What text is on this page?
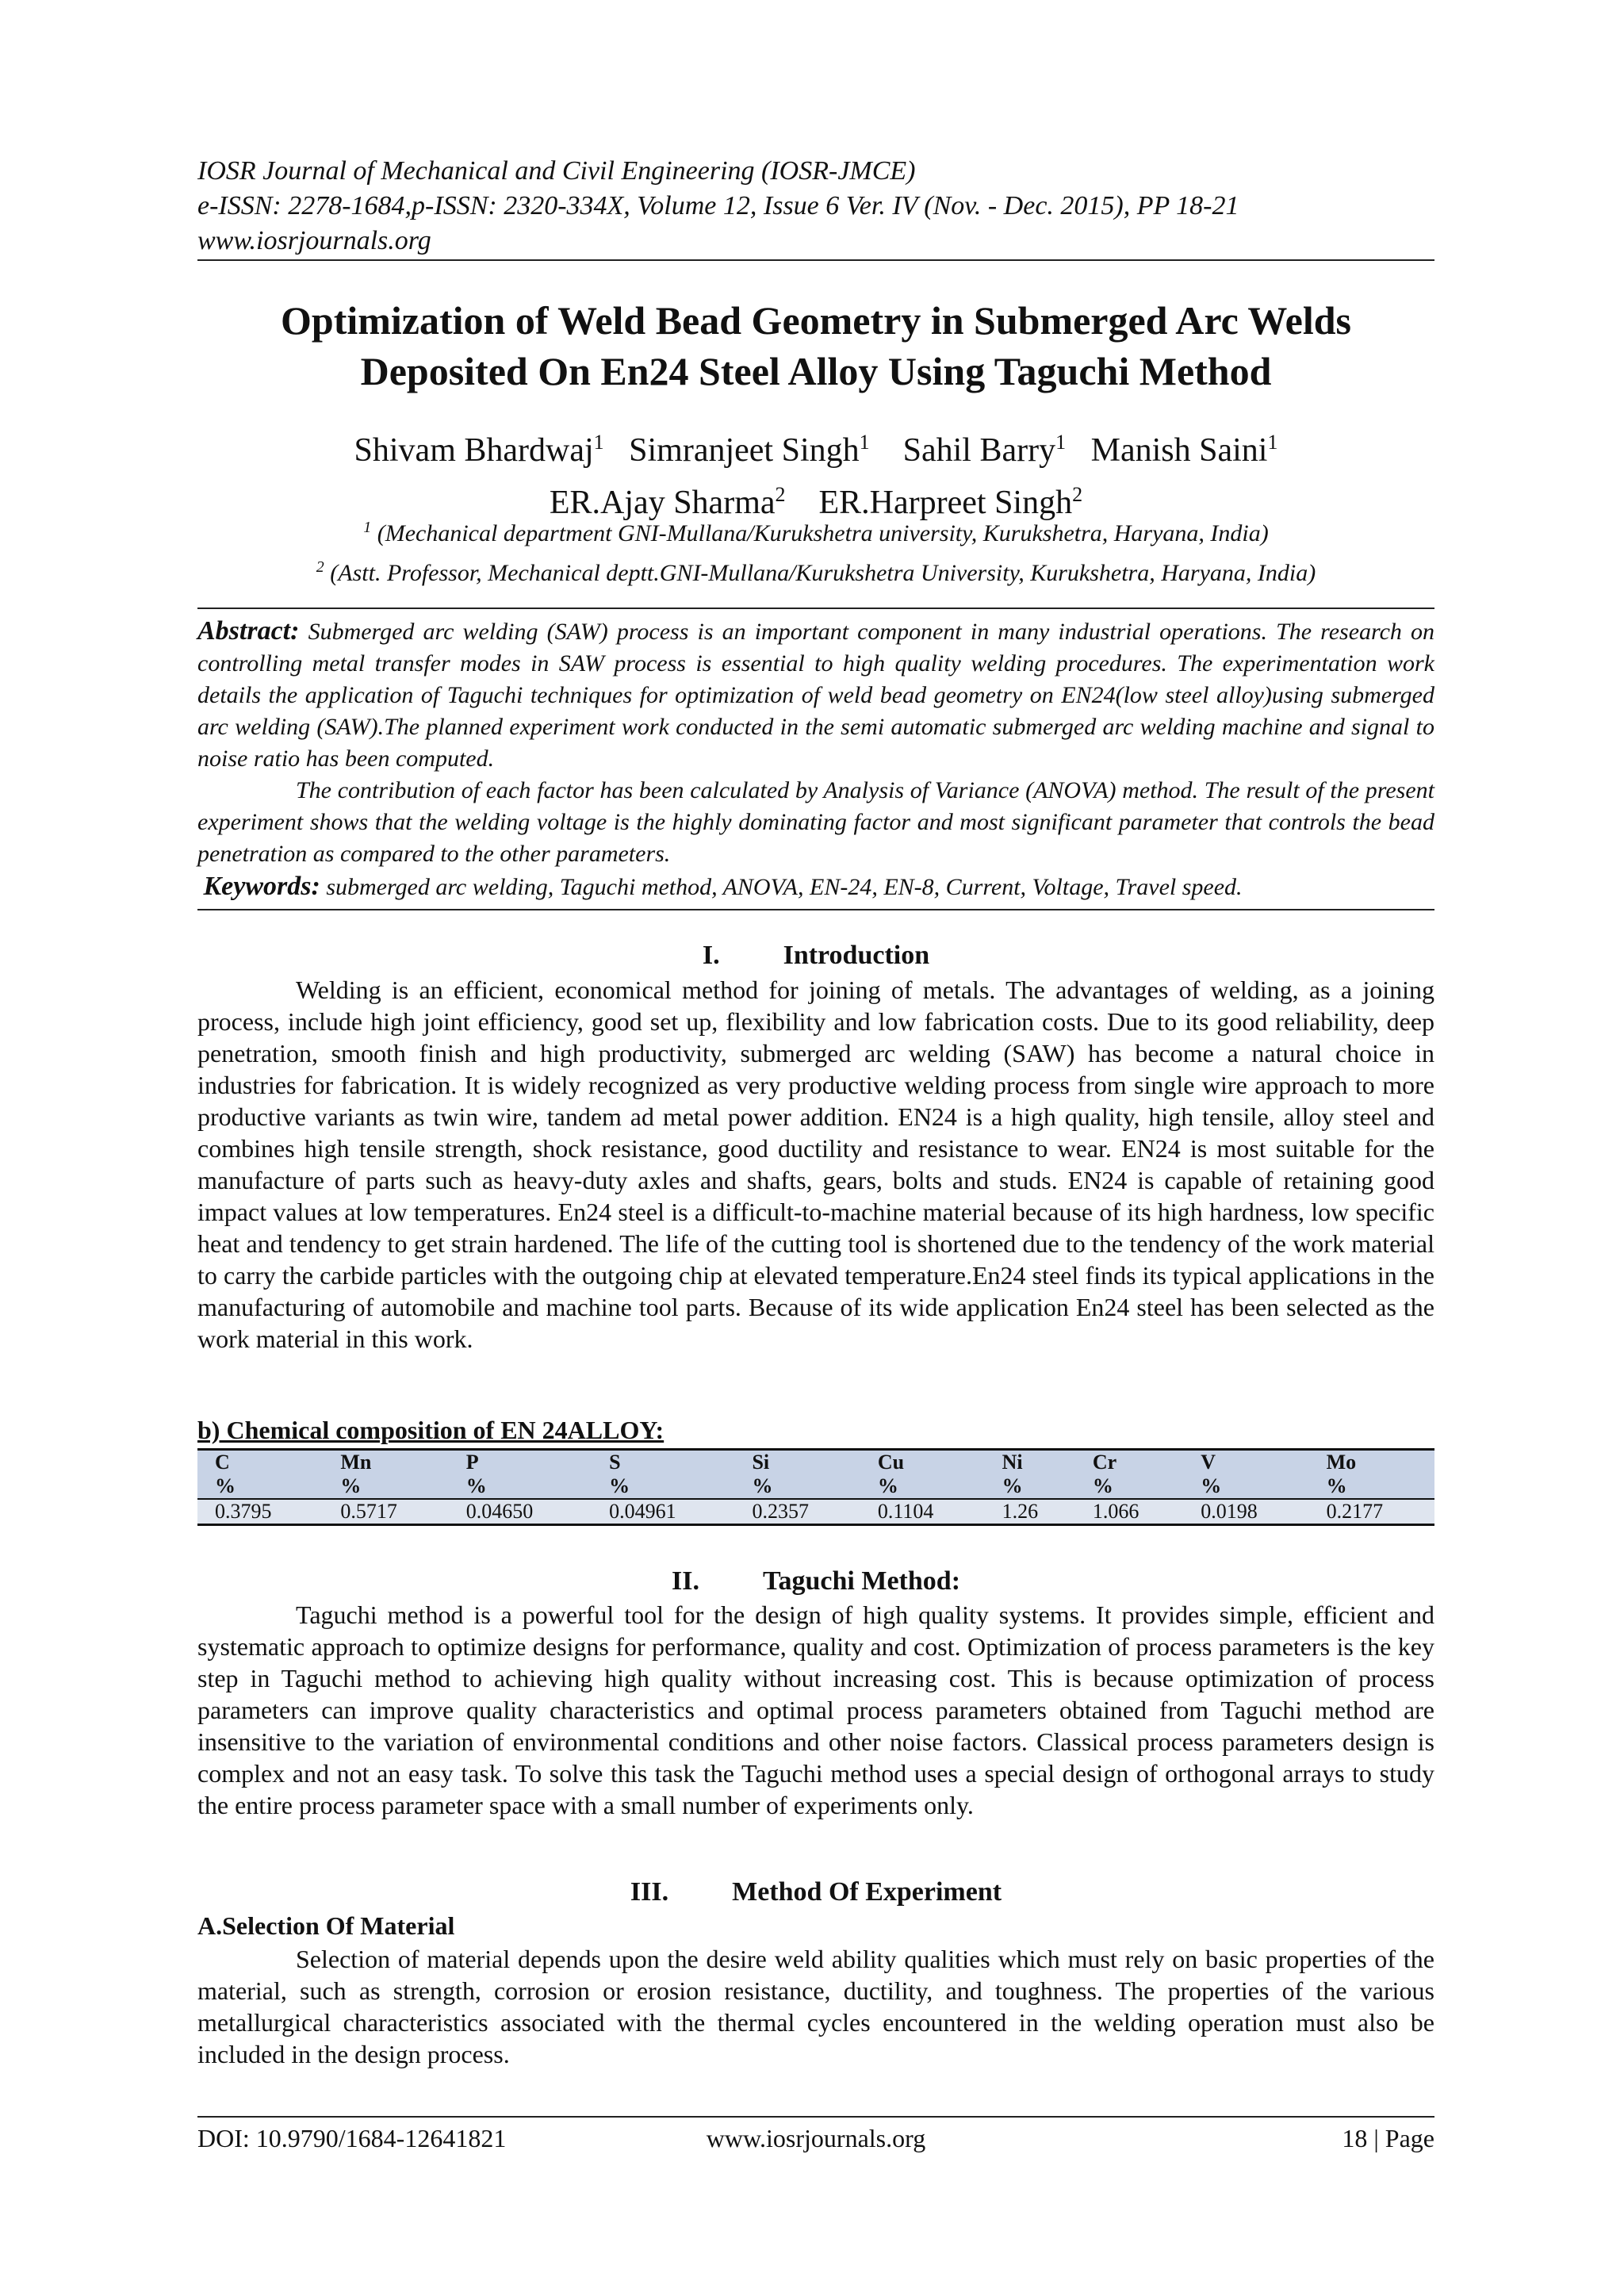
IOSR Journal of Mechanical and Civil Engineering (IOSR-JMCE)
e-ISSN: 2278-1684,p-ISSN: 2320-334X, Volume 12, Issue 6 Ver. IV (Nov. - Dec. 2015), PP 18-21
www.iosrjournals.org
Optimization of Weld Bead Geometry in Submerged Arc Welds
Deposited On En24 Steel Alloy Using Taguchi Method
Shivam Bhardwaj$^1$ Simranjeet Singh$^1$ Sahil Barry$^1$ Manish Saini$^1$
ER.Ajay Sharma$^2$ ER.Harpreet Singh$^2$
$^1$ (Mechanical department GNI-Mullana/Kurukshetra university, Kurukshetra, Haryana, India)
$^2$ (Astt. Professor, Mechanical deptt.GNI-Mullana/Kurukshetra University, Kurukshetra, Haryana, India)

Abstract: Submerged arc welding (SAW) process is an important component in many industrial operations. The research on controlling metal transfer modes in SAW process is essential to high quality welding procedures. The experimentation work details the application of Taguchi techniques for optimization of weld bead geometry on EN24(low steel alloy)using submerged arc welding (SAW).The planned experiment work conducted in the semi automatic submerged arc welding machine and signal to noise ratio has been computed.

The contribution of each factor has been calculated by Analysis of Variance (ANOVA) method. The result of the present experiment shows that the welding voltage is the highly dominating factor and most significant parameter that controls the bead penetration as compared to the other parameters.

Keywords: submerged arc welding, Taguchi method, ANOVA, EN-24, EN-8, Current, Voltage, Travel speed.
I. Introduction

Welding is an efficient, economical method for joining of metals. The advantages of welding, as a joining process, include high joint efficiency, good set up, flexibility and low fabrication costs. Due to its good reliability, deep penetration, smooth finish and high productivity, submerged arc welding (SAW) has become a natural choice in industries for fabrication. It is widely recognized as very productive welding process from single wire approach to more productive variants as twin wire, tandem ad metal power addition. EN24 is a high quality, high tensile, alloy steel and combines high tensile strength, shock resistance, good ductility and resistance to wear. EN24 is most suitable for the manufacture of parts such as heavy-duty axles and shafts, gears, bolts and studs. EN24 is capable of retaining good impact values at low temperatures. En24 steel is a difficult-to-machine material because of its high hardness, low specific heat and tendency to get strain hardened. The life of the cutting tool is shortened due to the tendency of the work material to carry the carbide particles with the outgoing chip at elevated temperature.En24 steel finds its typical applications in the manufacturing of automobile and machine tool parts. Because of its wide application En24 steel has been selected as the work material in this work.

b) Chemical composition of EN 24ALLOY:
C	Mn	P	S	Si	Cu	Ni	Cr	V	Mo
%	%	%	%	%	%	%	%	%	%
0.3795	0.5717	0.04650	0.04961	0.2357	0.1104	1.26	1.066	0.0198	0.2177
II. Taguchi Method:

Taguchi method is a powerful tool for the design of high quality systems. It provides simple, efficient and systematic approach to optimize designs for performance, quality and cost. Optimization of process parameters is the key step in Taguchi method to achieving high quality without increasing cost. This is because optimization of process parameters can improve quality characteristics and optimal process parameters obtained from Taguchi method are insensitive to the variation of environmental conditions and other noise factors. Classical process parameters design is complex and not an easy task. To solve this task the Taguchi method uses a special design of orthogonal arrays to study the entire process parameter space with a small number of experiments only.

III. Method Of Experiment
A.Selection Of Material

Selection of material depends upon the desire weld ability qualities which must rely on basic properties of the material, such as strength, corrosion or erosion resistance, ductility, and toughness. The properties of the various metallurgical characteristics associated with the thermal cycles encountered in the welding operation must also be included in the design process.

DOI: 10.9790/1684-12641821	www.iosrjournals.org	18 | Page
